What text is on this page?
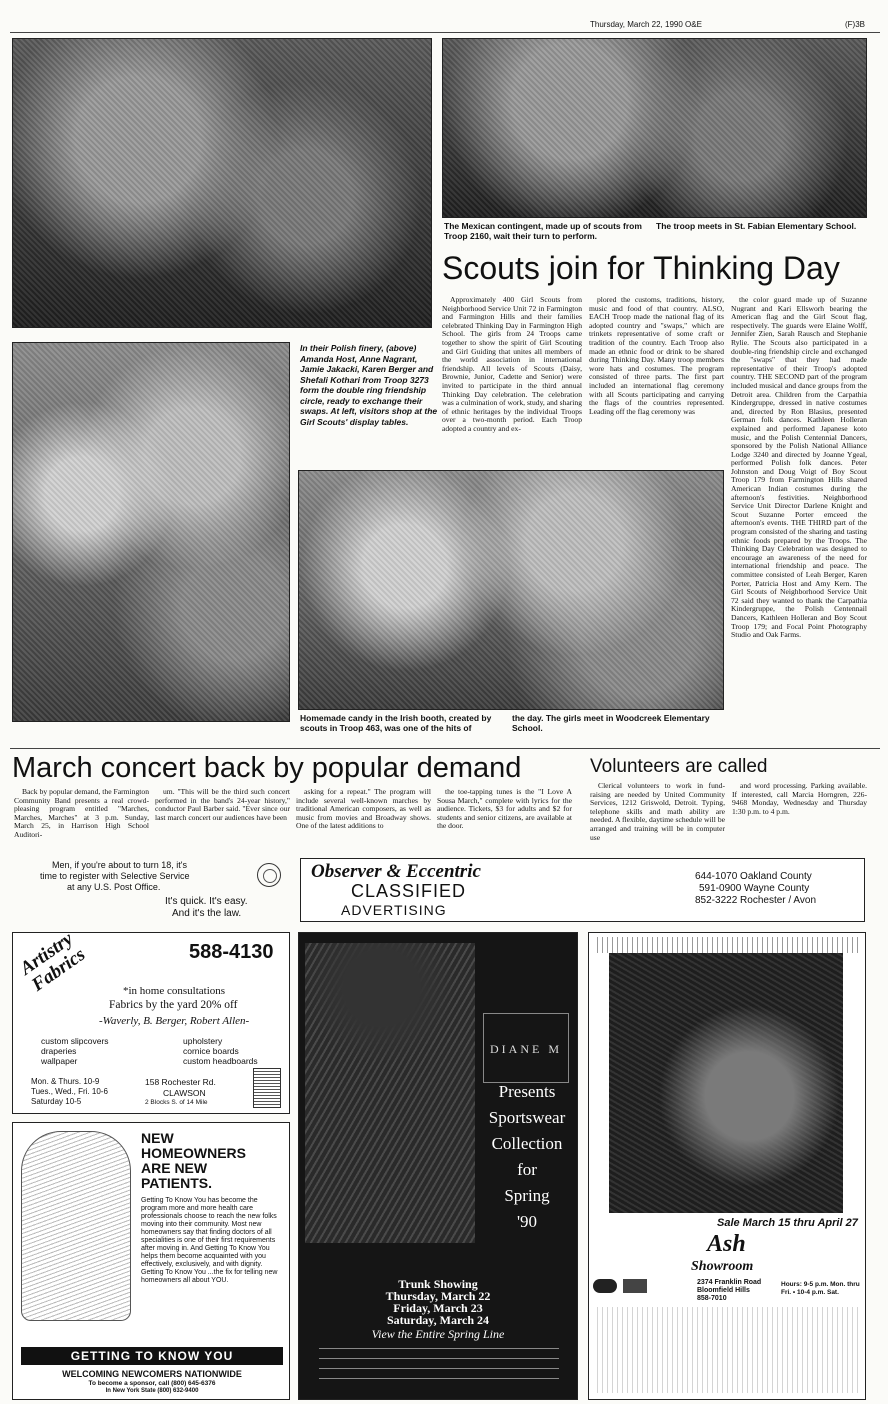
Thursday, March 22, 1990 O&E	(F)3B
The Mexican contingent, made up of scouts from Troop 2160, wait their turn to perform.
The troop meets in St. Fabian Elementary School.
Scouts join for Thinking Day
In their Polish finery, (above) Amanda Host, Anne Nagrant, Jamie Jakacki, Karen Berger and Shefali Kothari from Troop 3273 form the double ring friendship circle, ready to exchange their swaps. At left, visitors shop at the Girl Scouts' display tables.

Approximately 400 Girl Scouts from Neighborhood Service Unit 72 in Farmington and Farmington Hills and their families celebrated Thinking Day in Farmington High School. The girls from 24 Troops came together to show the spirit of Girl Scouting and Girl Guiding that unites all members of the world association in international friendship. All levels of Scouts (Daisy, Brownie, Junior, Cadette and Senior) were invited to participate in the third annual Thinking Day celebration. The celebration was a culmination of work, study, and sharing of ethnic heritages by the individual Troops over a two-month period. Each Troop adopted a country and ex-

plored the customs, traditions, history, music and food of that country. ALSO, EACH Troop made the national flag of its adopted country and "swaps," which are trinkets representative of some craft or tradition of the country. Each Troop also made an ethnic food or drink to be shared during Thinking Day. Many troop members wore hats and costumes. The program consisted of three parts. The first part included an international flag ceremony with all Scouts participating and carrying the flags of the countries represented. Leading off the flag ceremony was

the color guard made up of Suzanne Nugrant and Kari Ellsworh bearing the American flag and the Girl Scout flag, respectively. The guards were Elaine Wolff, Jennifer Zien, Sarah Rausch and Stephanie Rylie. The Scouts also participated in a double-ring friendship circle and exchanged the "swaps" that they had made representative of their Troop's adopted country. THE SECOND part of the program included musical and dance groups from the Detroit area. Children from the Carpathia Kindergruppe, dressed in native costumes and, directed by Ron Blasius, presented German folk dances. Kathleen Holleran explained and performed Japanese koto music, and the Polish Centennial Dancers, sponsored by the Polish National Alliance Lodge 3240 and directed by Joanne Ygeal, performed Polish folk dances. Peter Johnston and Doug Voigt of Boy Scout Troop 179 from Farmington Hills shared American Indian costumes during the afternoon's festivities. Neighborhood Service Unit Director Darlene Knight and Scout Suzanne Porter emceed the afternoon's events. THE THIRD part of the program consisted of the sharing and tasting ethnic foods prepared by the Troops. The Thinking Day Celebration was designed to encourage an awareness of the need for international friendship and peace. The committee consisted of Leah Berger, Karen Porter, Patricia Host and Amy Kern. The Girl Scouts of Neighborhood Service Unit 72 said they wanted to thank the Carpathia Kindergruppe, the Polish Centennail Dancers, Kathleen Holleran and Boy Scout Troop 179; and Focal Point Photography Studio and Oak Farms.

Homemade candy in the Irish booth, created by scouts in Troop 463, was one of the hits of
the day. The girls meet in Woodcreek Elementary School.
March concert back by popular demand

Back by popular demand, the Farmington Community Band presents a real crowd-pleasing program entitled "Marches, Marches, Marches" at 3 p.m. Sunday, March 25, in Harrison High School Auditori-

um. "This will be the third such concert performed in the band's 24-year history," conductor Paul Barber said. "Ever since our last march concert our audiences have been

asking for a repeat." The program will include several well-known marches by traditional American composers, as well as music from movies and Broadway shows. One of the latest additions to

the toe-tapping tunes is the "I Love A Sousa March," complete with lyrics for the audience. Tickets, $3 for adults and $2 for students and senior citizens, are available at the door.

Volunteers are called

Clerical volunteers to work in fund-raising are needed by United Community Services, 1212 Griswold, Detroit. Typing, telephone skills and math ability are needed. A flexible, daytime schedule will be arranged and training will be in computer use

and word processing. Parking available. If interested, call Marcia Horngren, 226-9468 Monday, Wednesday and Thursday 1:30 p.m. to 4 p.m.

Men, if you're about to turn 18, it's
time to register with Selective Service
at any U.S. Post Office.
It's quick. It's easy.
And it's the law.
Observer & Eccentric
CLASSIFIED
ADVERTISING
644-1070 Oakland County
591-0900 Wayne County
852-3222 Rochester / Avon
Artistry Fabrics	588-4130
*in home consultations
Fabrics by the yard 20% off
-Waverly, B. Berger, Robert Allen-
custom slipcovers
draperies
wallpaper
upholstery
cornice boards
custom headboards
Mon. & Thurs. 10-9
Tues., Wed., Fri. 10-6
Saturday 10-5
158 Rochester Rd.
CLAWSON
2 Blocks S. of 14 Mile
NEW
HOMEOWNERS
ARE NEW
PATIENTS.
Getting To Know You has become the program more and more health care professionals choose to reach the new folks moving into their community. Most new homeowners say that finding doctors of all specialities is one of their first requirements after moving in. And Getting To Know You helps them become acquainted with you effectively, exclusively, and with dignity. Getting To Know You ...the fix for telling new homeowners all about YOU.
GETTING TO KNOW YOU
WELCOMING NEWCOMERS NATIONWIDE
To become a sponsor, call (800) 645-6376
In New York State (800) 632-9400
DIANE M
Presents
Sportswear
Collection
for
Spring
'90
Trunk Showing
Thursday, March 22
Friday, March 23
Saturday, March 24
View the Entire Spring Line
Sale March 15 thru April 27
Ash
Showroom
2374 Franklin Road
Bloomfield Hills
858-7010
Hours: 9-5 p.m. Mon. thru Fri. • 10-4 p.m. Sat.
